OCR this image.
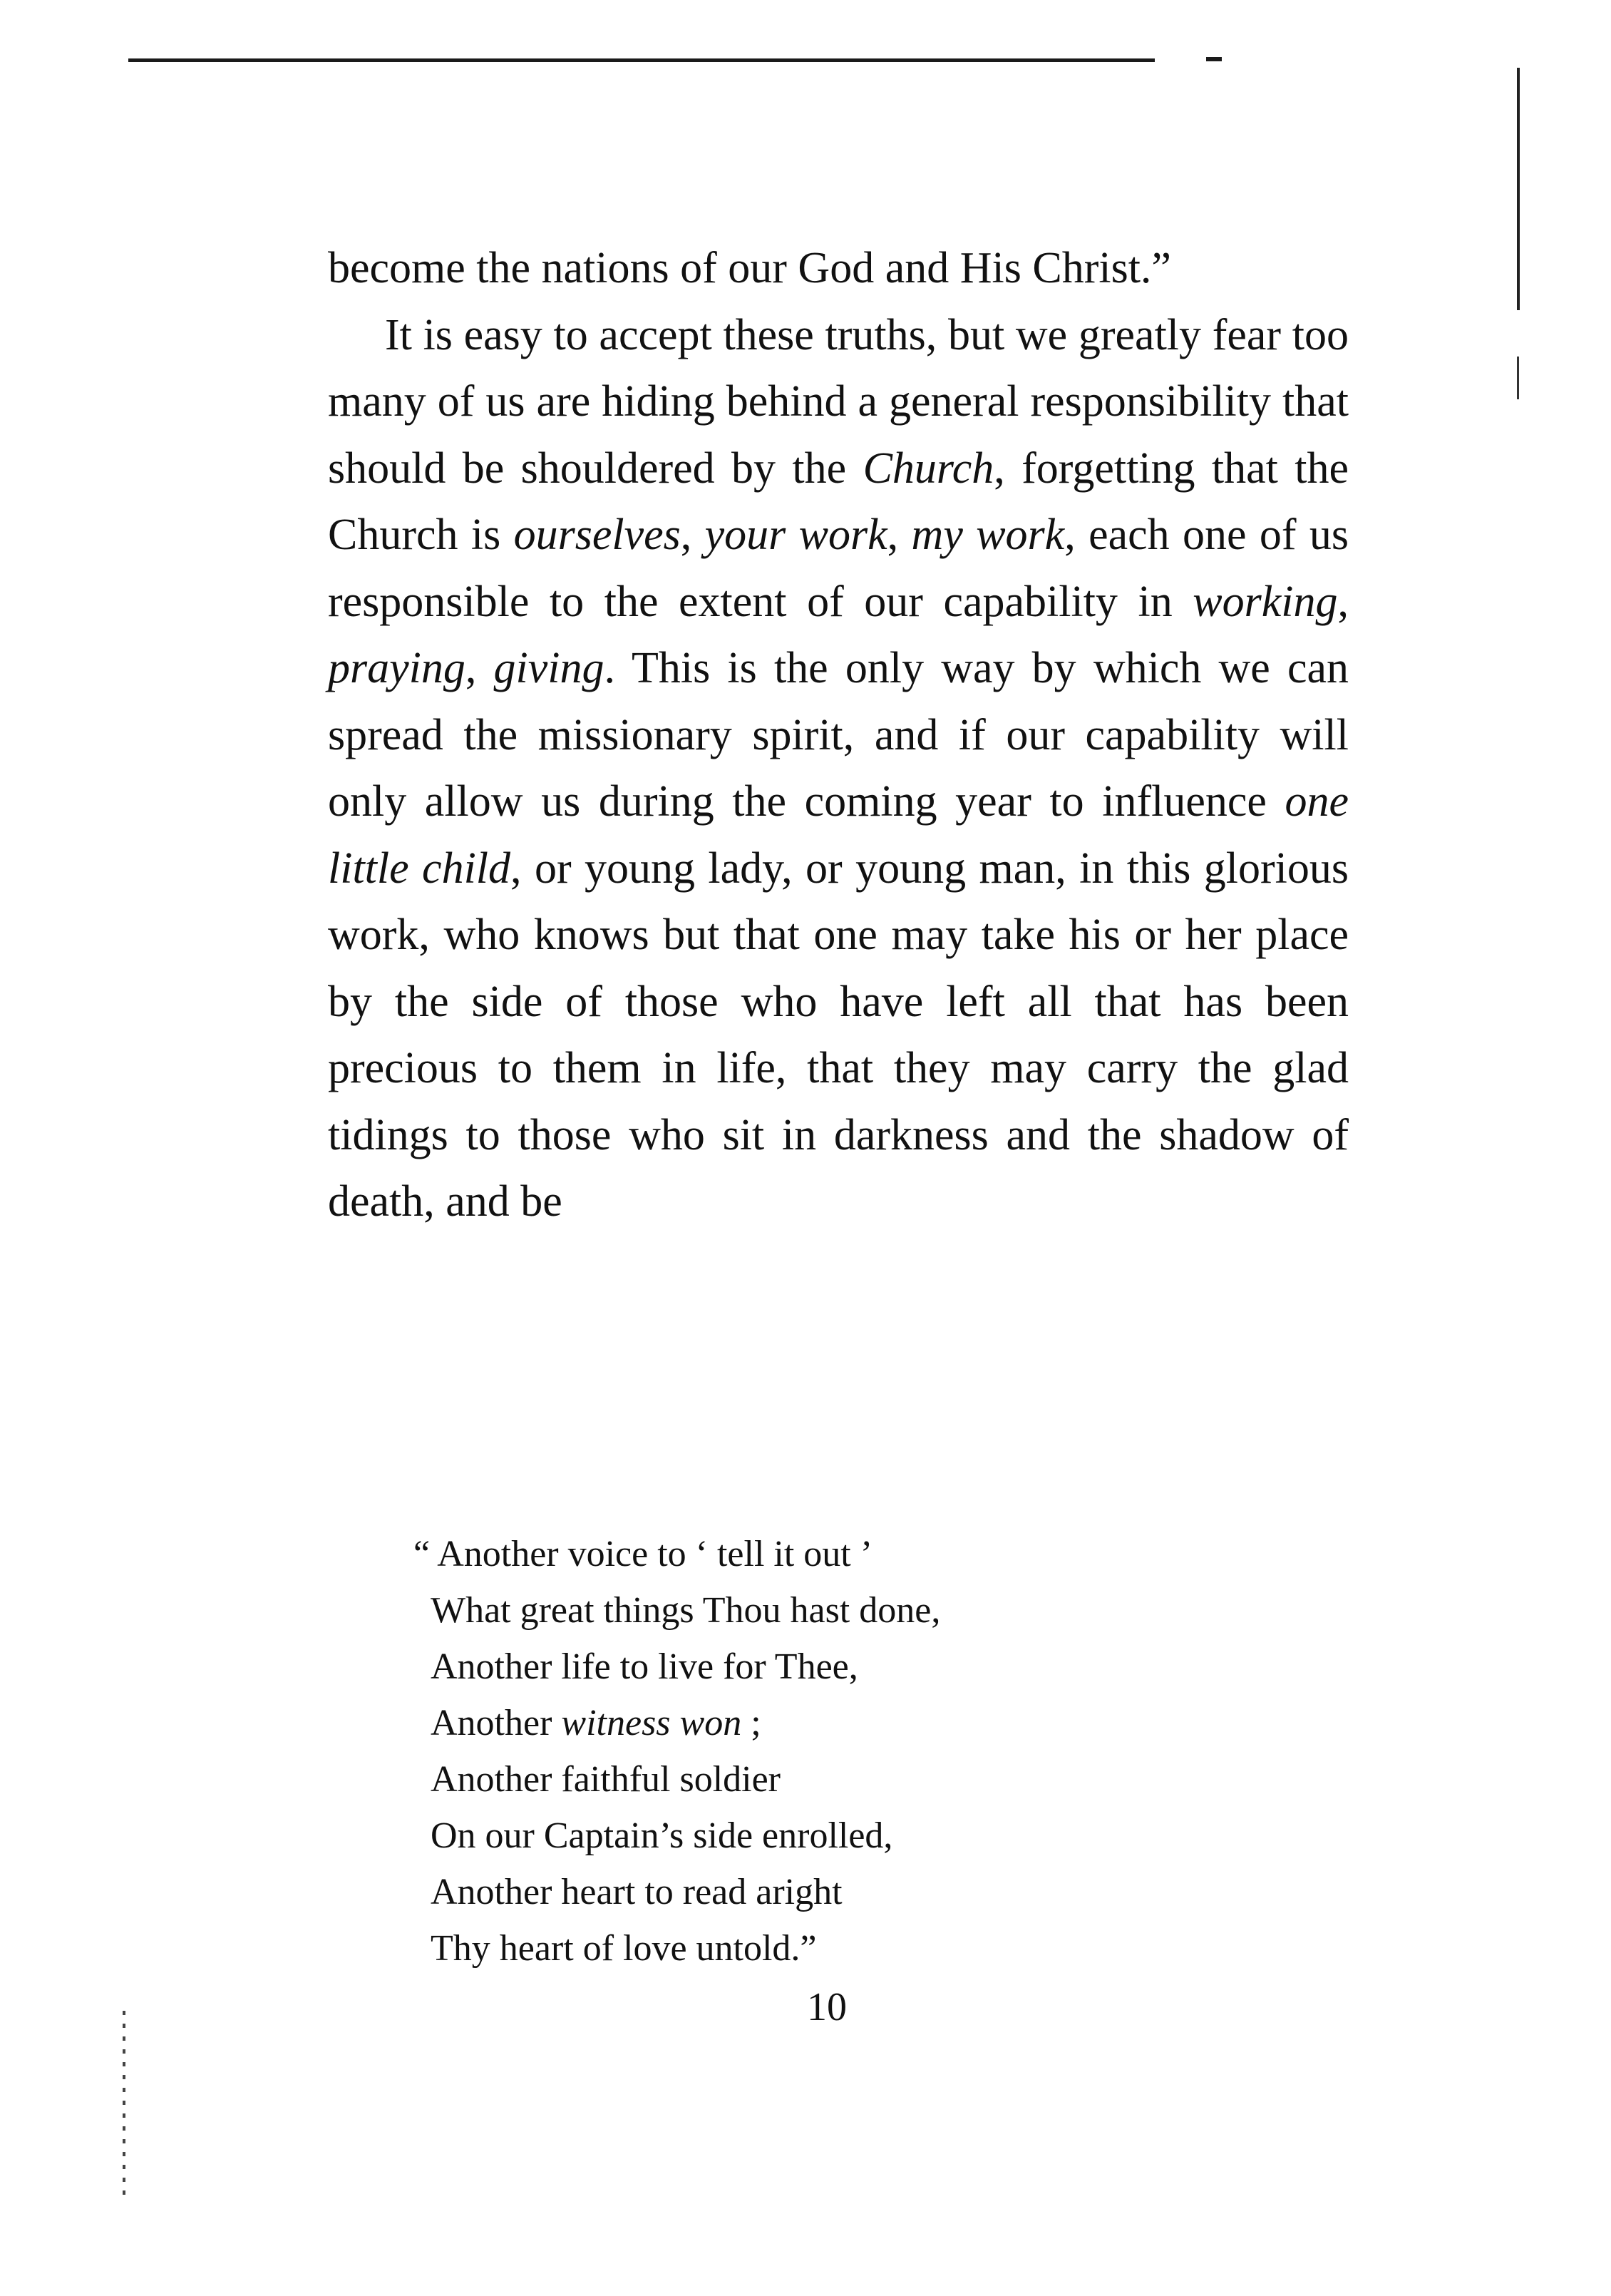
become the nations of our God and His Christ.”

It is easy to accept these truths, but we greatly fear too many of us are hiding behind a general responsibility that should be shouldered by the Church, forgetting that the Church is ourselves, your work, my work, each one of us responsible to the extent of our capability in working, praying, giving. This is the only way by which we can spread the missionary spirit, and if our capability will only allow us during the coming year to influence one little child, or young lady, or young man, in this glorious work, who knows but that one may take his or her place by the side of those who have left all that has been precious to them in life, that they may carry the glad tidings to those who sit in darkness and the shadow of death, and be

“ Another voice to ‘ tell it out ’
What great things Thou hast done,
Another life to live for Thee,
Another witness won ;
Another faithful soldier
On our Captain’s side enrolled,
Another heart to read aright
Thy heart of love untold.”
10
